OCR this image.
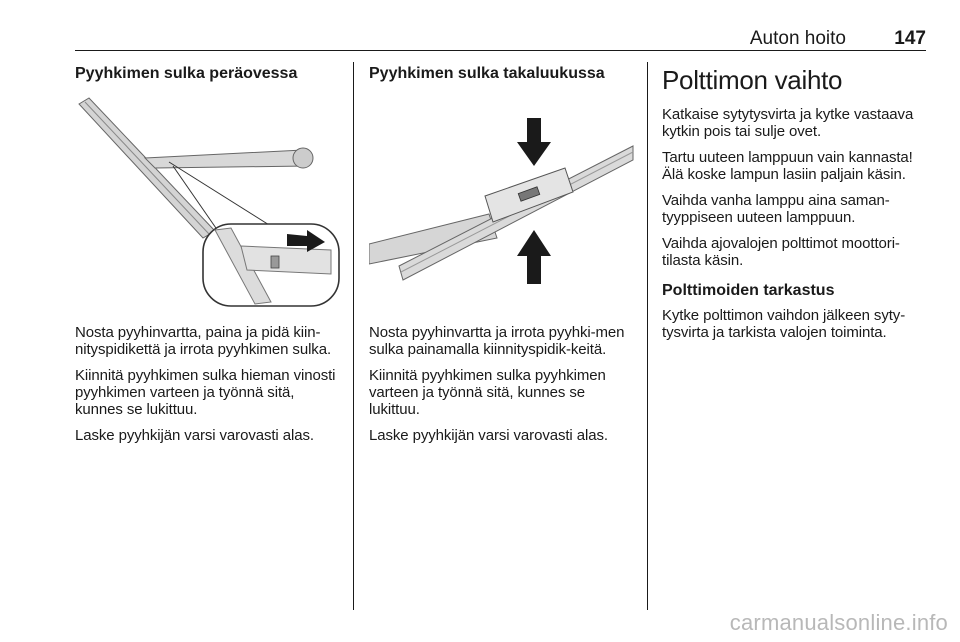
Auton hoito	147
Pyyhkimen sulka peräovessa

Nosta pyyhinvartta, paina ja pidä kiin-nityspidikettä ja irrota pyyhkimen sulka.

Kiinnitä pyyhkimen sulka hieman vinosti pyyhkimen varteen ja työnnä sitä, kunnes se lukittuu.

Laske pyyhkijän varsi varovasti alas.

Pyyhkimen sulka takaluukussa

Nosta pyyhinvartta ja irrota pyyhki-men sulka painamalla kiinnityspidik-keitä.

Kiinnitä pyyhkimen sulka pyyhkimen varteen ja työnnä sitä, kunnes se lukittuu.

Laske pyyhkijän varsi varovasti alas.

Polttimon vaihto

Katkaise sytytysvirta ja kytke vastaava kytkin pois tai sulje ovet.

Tartu uuteen lamppuun vain kannasta! Älä koske lampun lasiin paljain käsin.

Vaihda vanha lamppu aina saman-tyyppiseen uuteen lamppuun.

Vaihda ajovalojen polttimot moottori-tilasta käsin.

Polttimoiden tarkastus

Kytke polttimon vaihdon jälkeen syty-tysvirta ja tarkista valojen toiminta.

carmanualsonline.info
